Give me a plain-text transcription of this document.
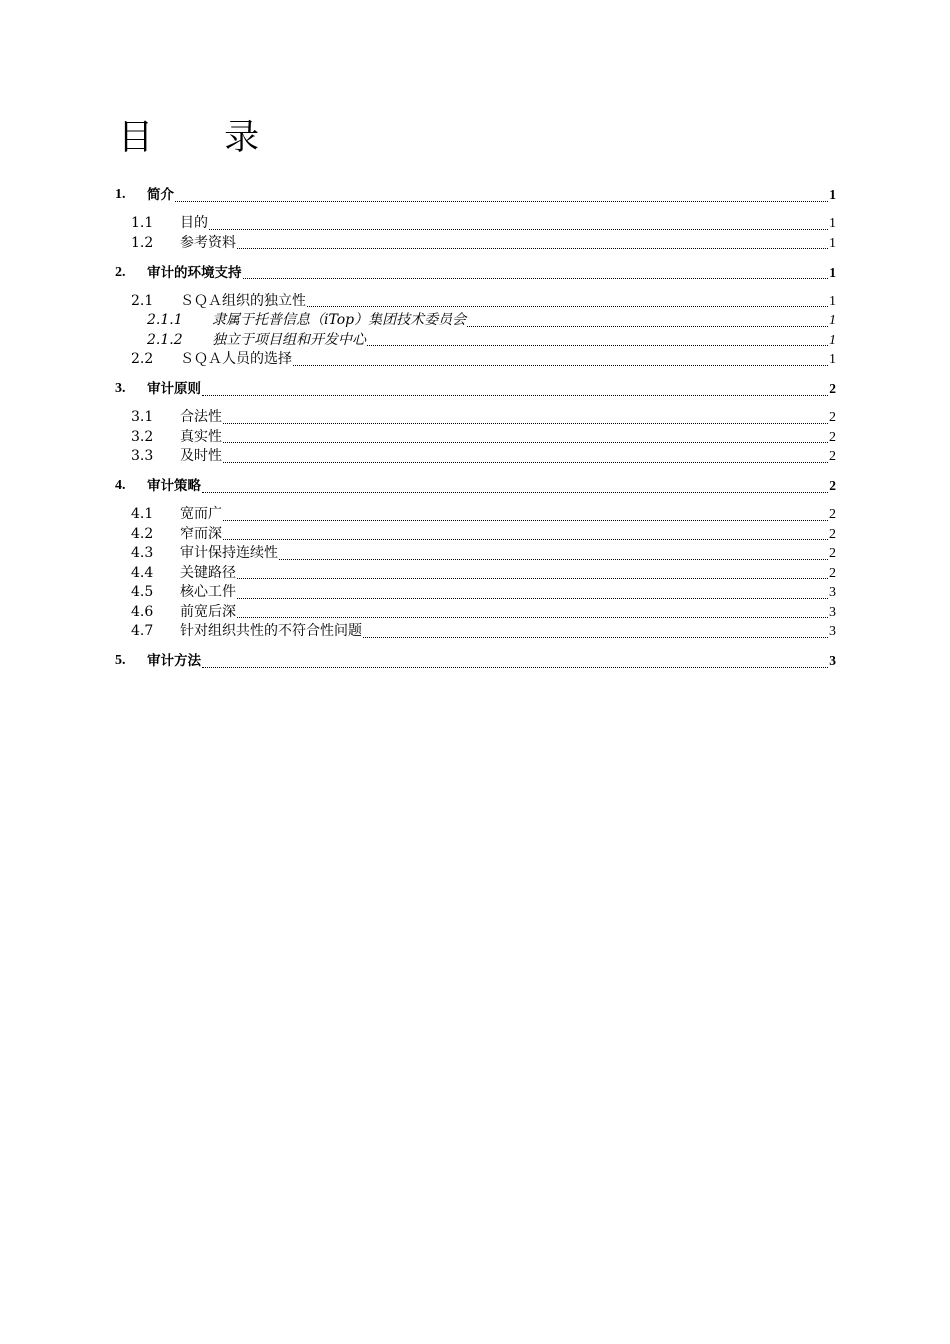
目 录
1. 简介	1
1.1 目的	1
1.2 参考资料	1
2. 审计的环境支持	1
2.1 ＳＱＡ组织的独立性	1
2.1.1 隶属于托普信息（iTop）集团技术委员会	1
2.1.2 独立于项目组和开发中心	1
2.2 ＳＱＡ人员的选择	1
3. 审计原则	2
3.1 合法性	2
3.2 真实性	2
3.3 及时性	2
4. 审计策略	2
4.1 宽而广	2
4.2 窄而深	2
4.3 审计保持连续性	2
4.4 关键路径	2
4.5 核心工件	3
4.6 前宽后深	3
4.7 针对组织共性的不符合性问题	3
5. 审计方法	3
